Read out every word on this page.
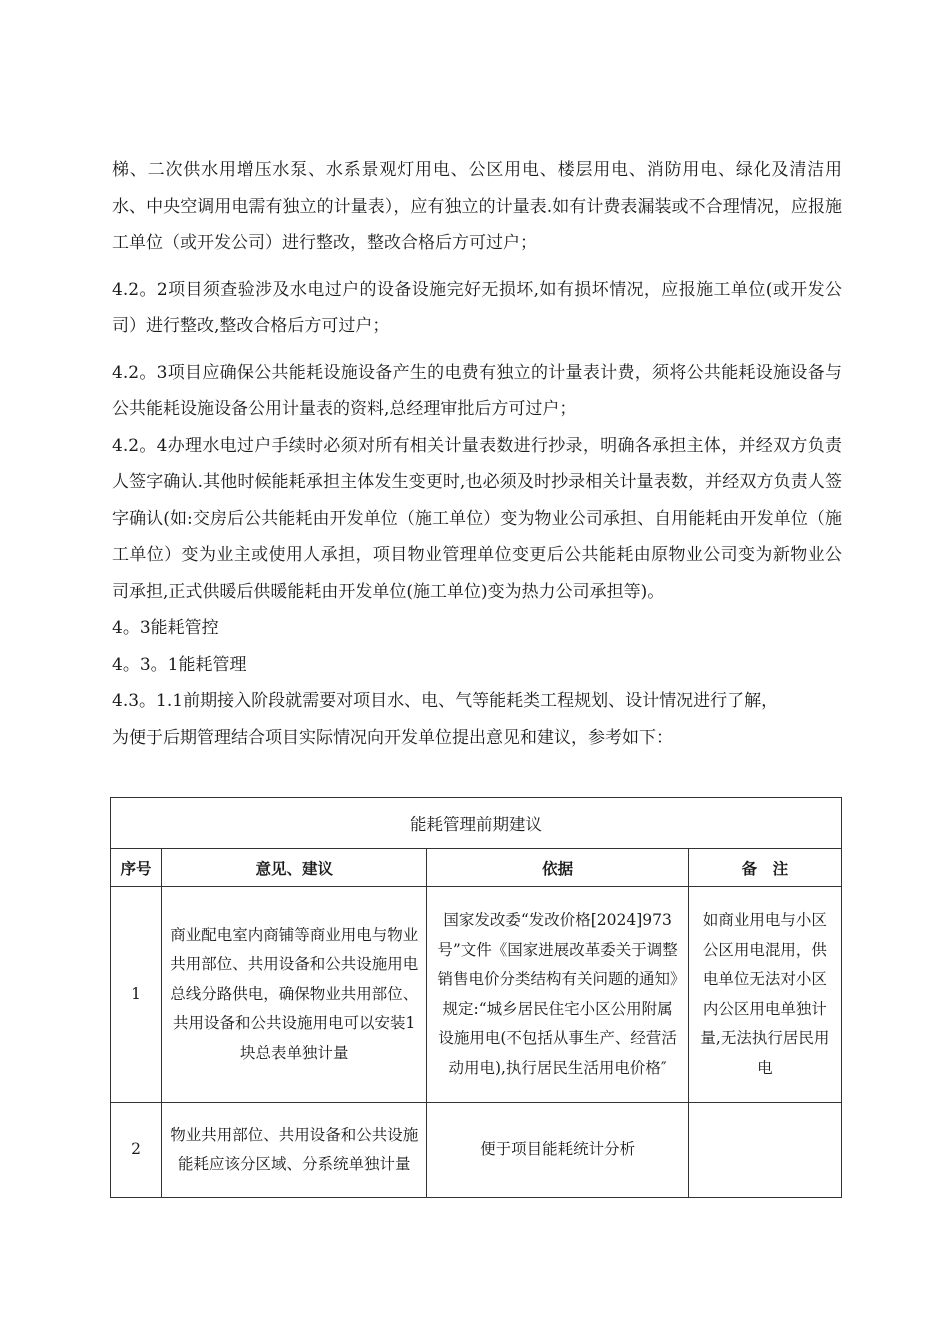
梯、二次供水用增压水泵、水系景观灯用电、公区用电、楼层用电、消防用电、绿化及清洁用水、中央空调用电需有独立的计量表），应有独立的计量表.如有计费表漏装或不合理情况，应报施工单位（或开发公司）进行整改，整改合格后方可过户；

4.2。2项目须查验涉及水电过户的设备设施完好无损坏,如有损坏情况，应报施工单位(或开发公司）进行整改,整改合格后方可过户；

4.2。3项目应确保公共能耗设施设备产生的电费有独立的计量表计费，须将公共能耗设施设备与公共能耗设施设备公用计量表的资料,总经理审批后方可过户；

4.2。4办理水电过户手续时必须对所有相关计量表数进行抄录，明确各承担主体，并经双方负责人签字确认.其他时候能耗承担主体发生变更时,也必须及时抄录相关计量表数，并经双方负责人签字确认(如:交房后公共能耗由开发单位（施工单位）变为物业公司承担、自用能耗由开发单位（施工单位）变为业主或使用人承担，项目物业管理单位变更后公共能耗由原物业公司变为新物业公司承担,正式供暖后供暖能耗由开发单位(施工单位)变为热力公司承担等)。

4。3能耗管控

4。3。1能耗管理

4.3。1.1前期接入阶段就需要对项目水、电、气等能耗类工程规划、设计情况进行了解，

为便于后期管理结合项目实际情况向开发单位提出意见和建议，参考如下：

能耗管理前期建议			
序号	意见、建议	依据	备　注
1	商业配电室内商铺等商业用电与物业共用部位、共用设备和公共设施用电总线分路供电，确保物业共用部位、共用设备和公共设施用电可以安装1块总表单独计量	国家发改委“发改价格[2024]973号”文件《国家进展改革委关于调整销售电价分类结构有关问题的通知》规定:“城乡居民住宅小区公用附属设施用电(不包括从事生产、经营活动用电),执行居民生活用电价格″	如商业用电与小区公区用电混用，供电单位无法对小区内公区用电单独计量,无法执行居民用电
2	物业共用部位、共用设备和公共设施能耗应该分区域、分系统单独计量	便于项目能耗统计分析	
